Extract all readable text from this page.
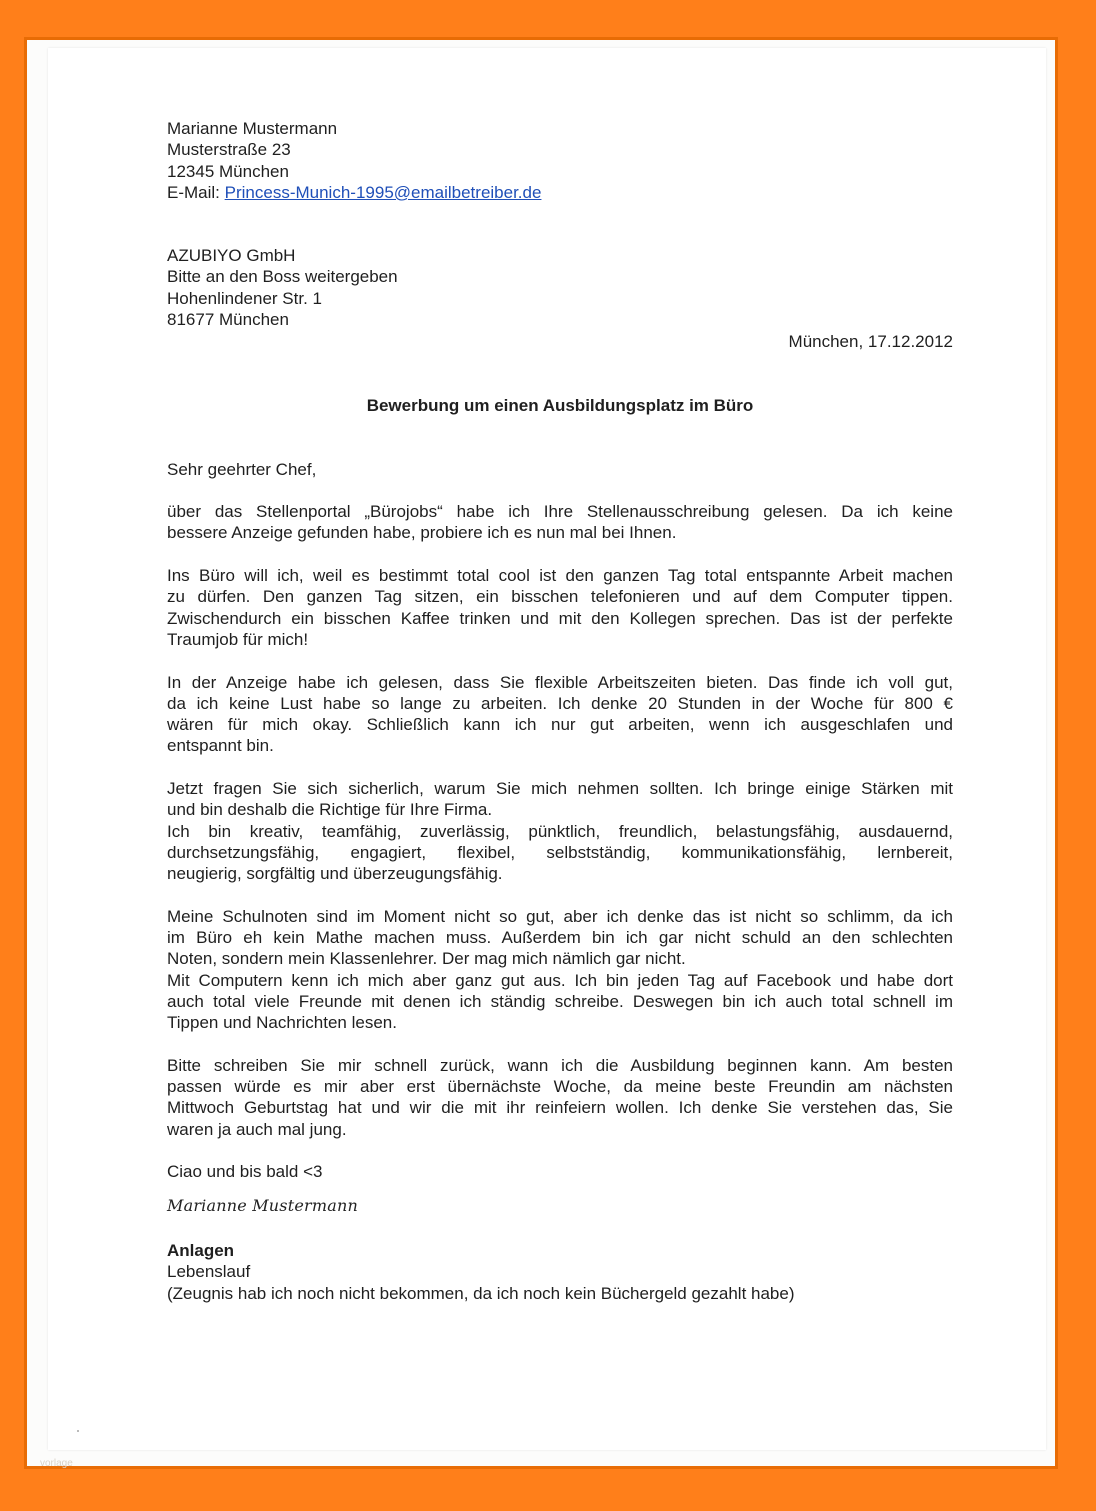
vorlage
Marianne Mustermann
Musterstraße 23
12345 München
E-Mail: Princess-Munich-1995@emailbetreiber.de
AZUBIYO GmbH
Bitte an den Boss weitergeben
Hohenlindener Str. 1
81677 München
München, 17.12.2012
Bewerbung um einen Ausbildungsplatz im Büro
Sehr geehrter Chef,
über das Stellenportal „Bürojobs“ habe ich Ihre Stellenausschreibung gelesen. Da ich keine
bessere Anzeige gefunden habe, probiere ich es nun mal bei Ihnen.
Ins Büro will ich, weil es bestimmt total cool ist den ganzen Tag total entspannte Arbeit machen
zu dürfen. Den ganzen Tag sitzen, ein bisschen telefonieren und auf dem Computer tippen.
Zwischendurch ein bisschen Kaffee trinken und mit den Kollegen sprechen. Das ist der perfekte
Traumjob für mich!
In der Anzeige habe ich gelesen, dass Sie flexible Arbeitszeiten bieten. Das finde ich voll gut,
da ich keine Lust habe so lange zu arbeiten. Ich denke 20 Stunden in der Woche für 800 €
wären für mich okay. Schließlich kann ich nur gut arbeiten, wenn ich ausgeschlafen und
entspannt bin.
Jetzt fragen Sie sich sicherlich, warum Sie mich nehmen sollten. Ich bringe einige Stärken mit
und bin deshalb die Richtige für Ihre Firma.
Ich bin kreativ, teamfähig, zuverlässig, pünktlich, freundlich, belastungsfähig, ausdauernd,
durchsetzungsfähig, engagiert, flexibel, selbstständig, kommunikationsfähig, lernbereit,
neugierig, sorgfältig und überzeugungsfähig.
Meine Schulnoten sind im Moment nicht so gut, aber ich denke das ist nicht so schlimm, da ich
im Büro eh kein Mathe machen muss. Außerdem bin ich gar nicht schuld an den schlechten
Noten, sondern mein Klassenlehrer. Der mag mich nämlich gar nicht.
Mit Computern kenn ich mich aber ganz gut aus. Ich bin jeden Tag auf Facebook und habe dort
auch total viele Freunde mit denen ich ständig schreibe. Deswegen bin ich auch total schnell im
Tippen und Nachrichten lesen.
Bitte schreiben Sie mir schnell zurück, wann ich die Ausbildung beginnen kann. Am besten
passen würde es mir aber erst übernächste Woche, da meine beste Freundin am nächsten
Mittwoch Geburtstag hat und wir die mit ihr reinfeiern wollen. Ich denke Sie verstehen das, Sie
waren ja auch mal jung.
Ciao und bis bald <3
Marianne Mustermann
Anlagen
Lebenslauf
(Zeugnis hab ich noch nicht bekommen, da ich noch kein Büchergeld gezahlt habe)
